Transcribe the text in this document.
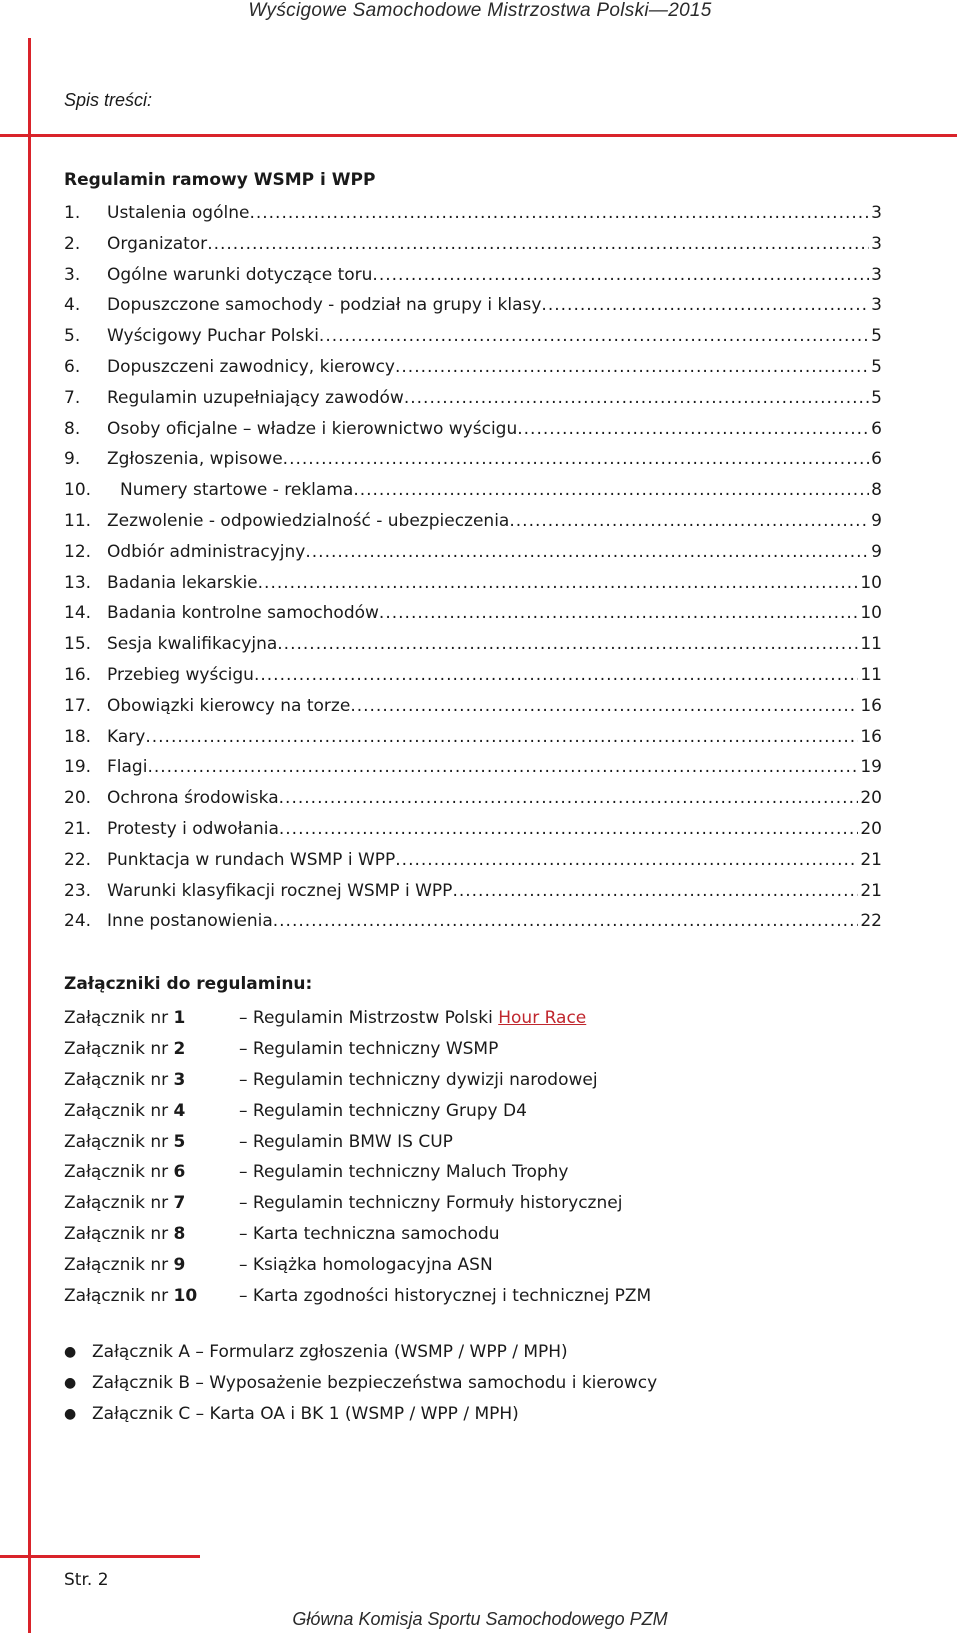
Wyścigowe Samochodowe Mistrzostwa Polski—2015
Spis treści:
Regulamin ramowy WSMP i WPP
1.	Ustalenia ogólne .....	3
2.	Organizator .....	3
3.	Ogólne warunki dotyczące toru .....	3
4.	Dopuszczone samochody - podział na grupy i klasy .....	3
5.	Wyścigowy Puchar Polski .....	5
6.	Dopuszczeni zawodnicy, kierowcy .....	5
7.	Regulamin uzupełniający zawodów .....	5
8.	Osoby oficjalne – władze i kierownictwo wyścigu .....	6
9.	Zgłoszenia, wpisowe .....	6
10.	Numery startowe - reklama .....	8
11. Zezwolenie - odpowiedzialność - ubezpieczenia .....	9
12. Odbiór administracyjny .....	9
13. Badania lekarskie .....	10
14. Badania kontrolne samochodów .....	10
15. Sesja kwalifikacyjna .....	11
16. Przebieg wyścigu .....	11
17. Obowiązki kierowcy na torze .....	16
18. Kary .....	16
19. Flagi .....	19
20. Ochrona środowiska .....	20
21. Protesty i odwołania .....	20
22. Punktacja w rundach WSMP i WPP .....	21
23. Warunki klasyfikacji rocznej WSMP i WPP .....	21
24. Inne postanowienia .....	22
Załączniki do regulaminu:
Załącznik nr 1	– Regulamin Mistrzostw Polski Hour Race
Załącznik nr 2	– Regulamin techniczny WSMP
Załącznik nr 3	– Regulamin techniczny dywizji narodowej
Załącznik nr 4	– Regulamin techniczny Grupy D4
Załącznik nr 5	– Regulamin BMW IS CUP
Załącznik nr 6	– Regulamin techniczny Maluch Trophy
Załącznik nr 7	– Regulamin techniczny Formuły historycznej
Załącznik nr 8	– Karta techniczna samochodu
Załącznik nr 9	– Książka homologacyjna ASN
Załącznik nr 10	– Karta zgodności historycznej i technicznej PZM
● Załącznik A – Formularz zgłoszenia (WSMP / WPP / MPH)
● Załącznik B – Wyposażenie bezpieczeństwa samochodu i kierowcy
● Załącznik C – Karta OA i BK 1 (WSMP / WPP / MPH)
Str. 2
Główna Komisja Sportu Samochodowego PZM
